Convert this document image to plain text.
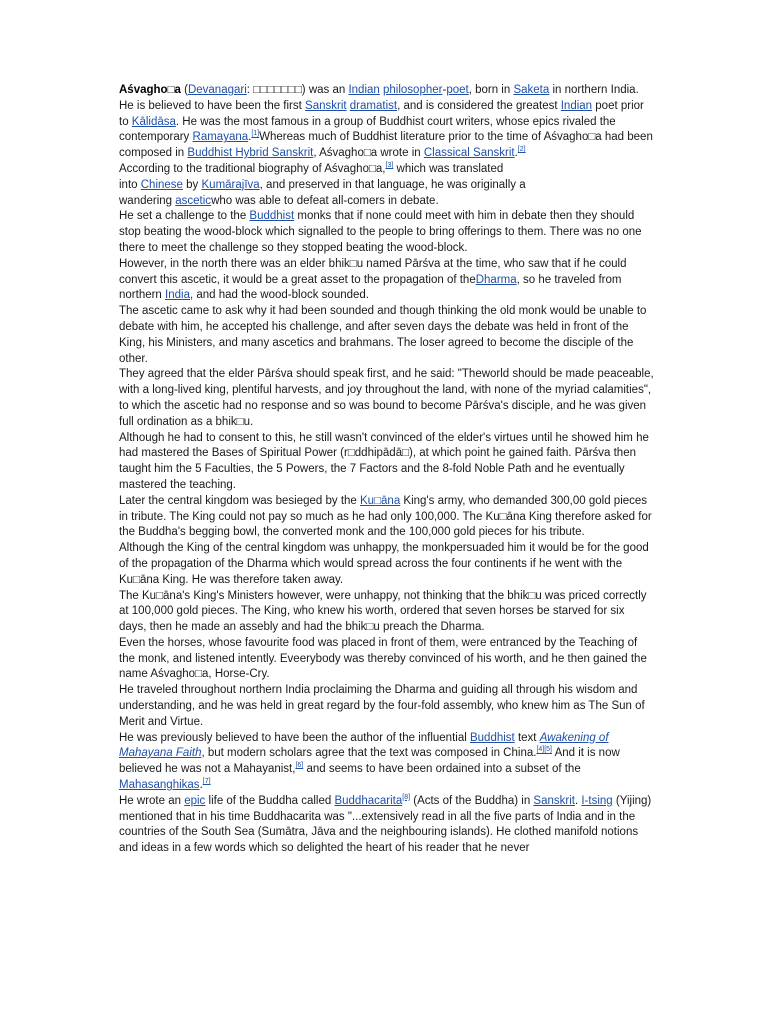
Aśvagho□a (Devanagari: □□□□□□□) was an Indian philosopher-poet, born in Saketa in northern India. He is believed to have been the first Sanskrit dramatist, and is considered the greatest Indian poet prior to Kālidāsa. He was the most famous in a group of Buddhist court writers, whose epics rivaled the contemporary Ramayana.[1]Whereas much of Buddhist literature prior to the time of Aśvagho□a had been composed in Buddhist Hybrid Sanskrit, Aśvagho□a wrote in Classical Sanskrit.[2]

According to the traditional biography of Aśvagho□a,[3] which was translated
into Chinese by Kumārajīva, and preserved in that language, he was originally a
wandering asceticwho was able to defeat all-comers in debate.

He set a challenge to the Buddhist monks that if none could meet with him in debate then they should stop beating the wood-block which signalled to the people to bring offerings to them. There was no one there to meet the challenge so they stopped beating the wood-block.

However, in the north there was an elder bhik□u named Pārśva at the time, who saw that if he could convert this ascetic, it would be a great asset to the propagation of theDharma, so he traveled from northern India, and had the wood-block sounded.

The ascetic came to ask why it had been sounded and though thinking the old monk would be unable to debate with him, he accepted his challenge, and after seven days the debate was held in front of the King, his Ministers, and many ascetics and brahmans. The loser agreed to become the disciple of the other.

They agreed that the elder Pārśva should speak first, and he said: "Theworld should be made peaceable, with a long-lived king, plentiful harvests, and joy throughout the land, with none of the myriad calamities", to which the ascetic had no response and so was bound to become Pārśva's disciple, and he was given full ordination as a bhik□u.

Although he had to consent to this, he still wasn't convinced of the elder's virtues until he showed him he had mastered the Bases of Spiritual Power (r□ddhipādā□), at which point he gained faith. Pārśva then taught him the 5 Faculties, the 5 Powers, the 7 Factors and the 8-fold Noble Path and he eventually mastered the teaching.

Later the central kingdom was besieged by the Ku□āna King's army, who demanded 300,00 gold pieces in tribute. The King could not pay so much as he had only 100,000. The Ku□āna King therefore asked for the Buddha's begging bowl, the converted monk and the 100,000 gold pieces for his tribute.

Although the King of the central kingdom was unhappy, the monkpersuaded him it would be for the good of the propagation of the Dharma which would spread across the four continents if he went with the Ku□āna King. He was therefore taken away.

The Ku□āna's King's Ministers however, were unhappy, not thinking that the bhik□u was priced correctly at 100,000 gold pieces. The King, who knew his worth, ordered that seven horses be starved for six days, then he made an assebly and had the bhik□u preach the Dharma.

Even the horses, whose favourite food was placed in front of them, were entranced by the Teaching of the monk, and listened intently. Eveerybody was thereby convinced of his worth, and he then gained the name Aśvagho□a, Horse-Cry.

He traveled throughout northern India proclaiming the Dharma and guiding all through his wisdom and understanding, and he was held in great regard by the four-fold assembly, who knew him as The Sun of Merit and Virtue.

He was previously believed to have been the author of the influential Buddhist text Awakening of Mahayana Faith, but modern scholars agree that the text was composed in China.[4][5] And it is now believed he was not a Mahayanist,[6] and seems to have been ordained into a subset of the Mahasanghikas.[7]

He wrote an epic life of the Buddha called Buddhacarita[8] (Acts of the Buddha) in Sanskrit. I-tsing (Yijing) mentioned that in his time Buddhacarita was "...extensively read in all the five parts of India and in the countries of the South Sea (Sumātra, Jāva and the neighbouring islands). He clothed manifold notions and ideas in a few words which so delighted the heart of his reader that he never
